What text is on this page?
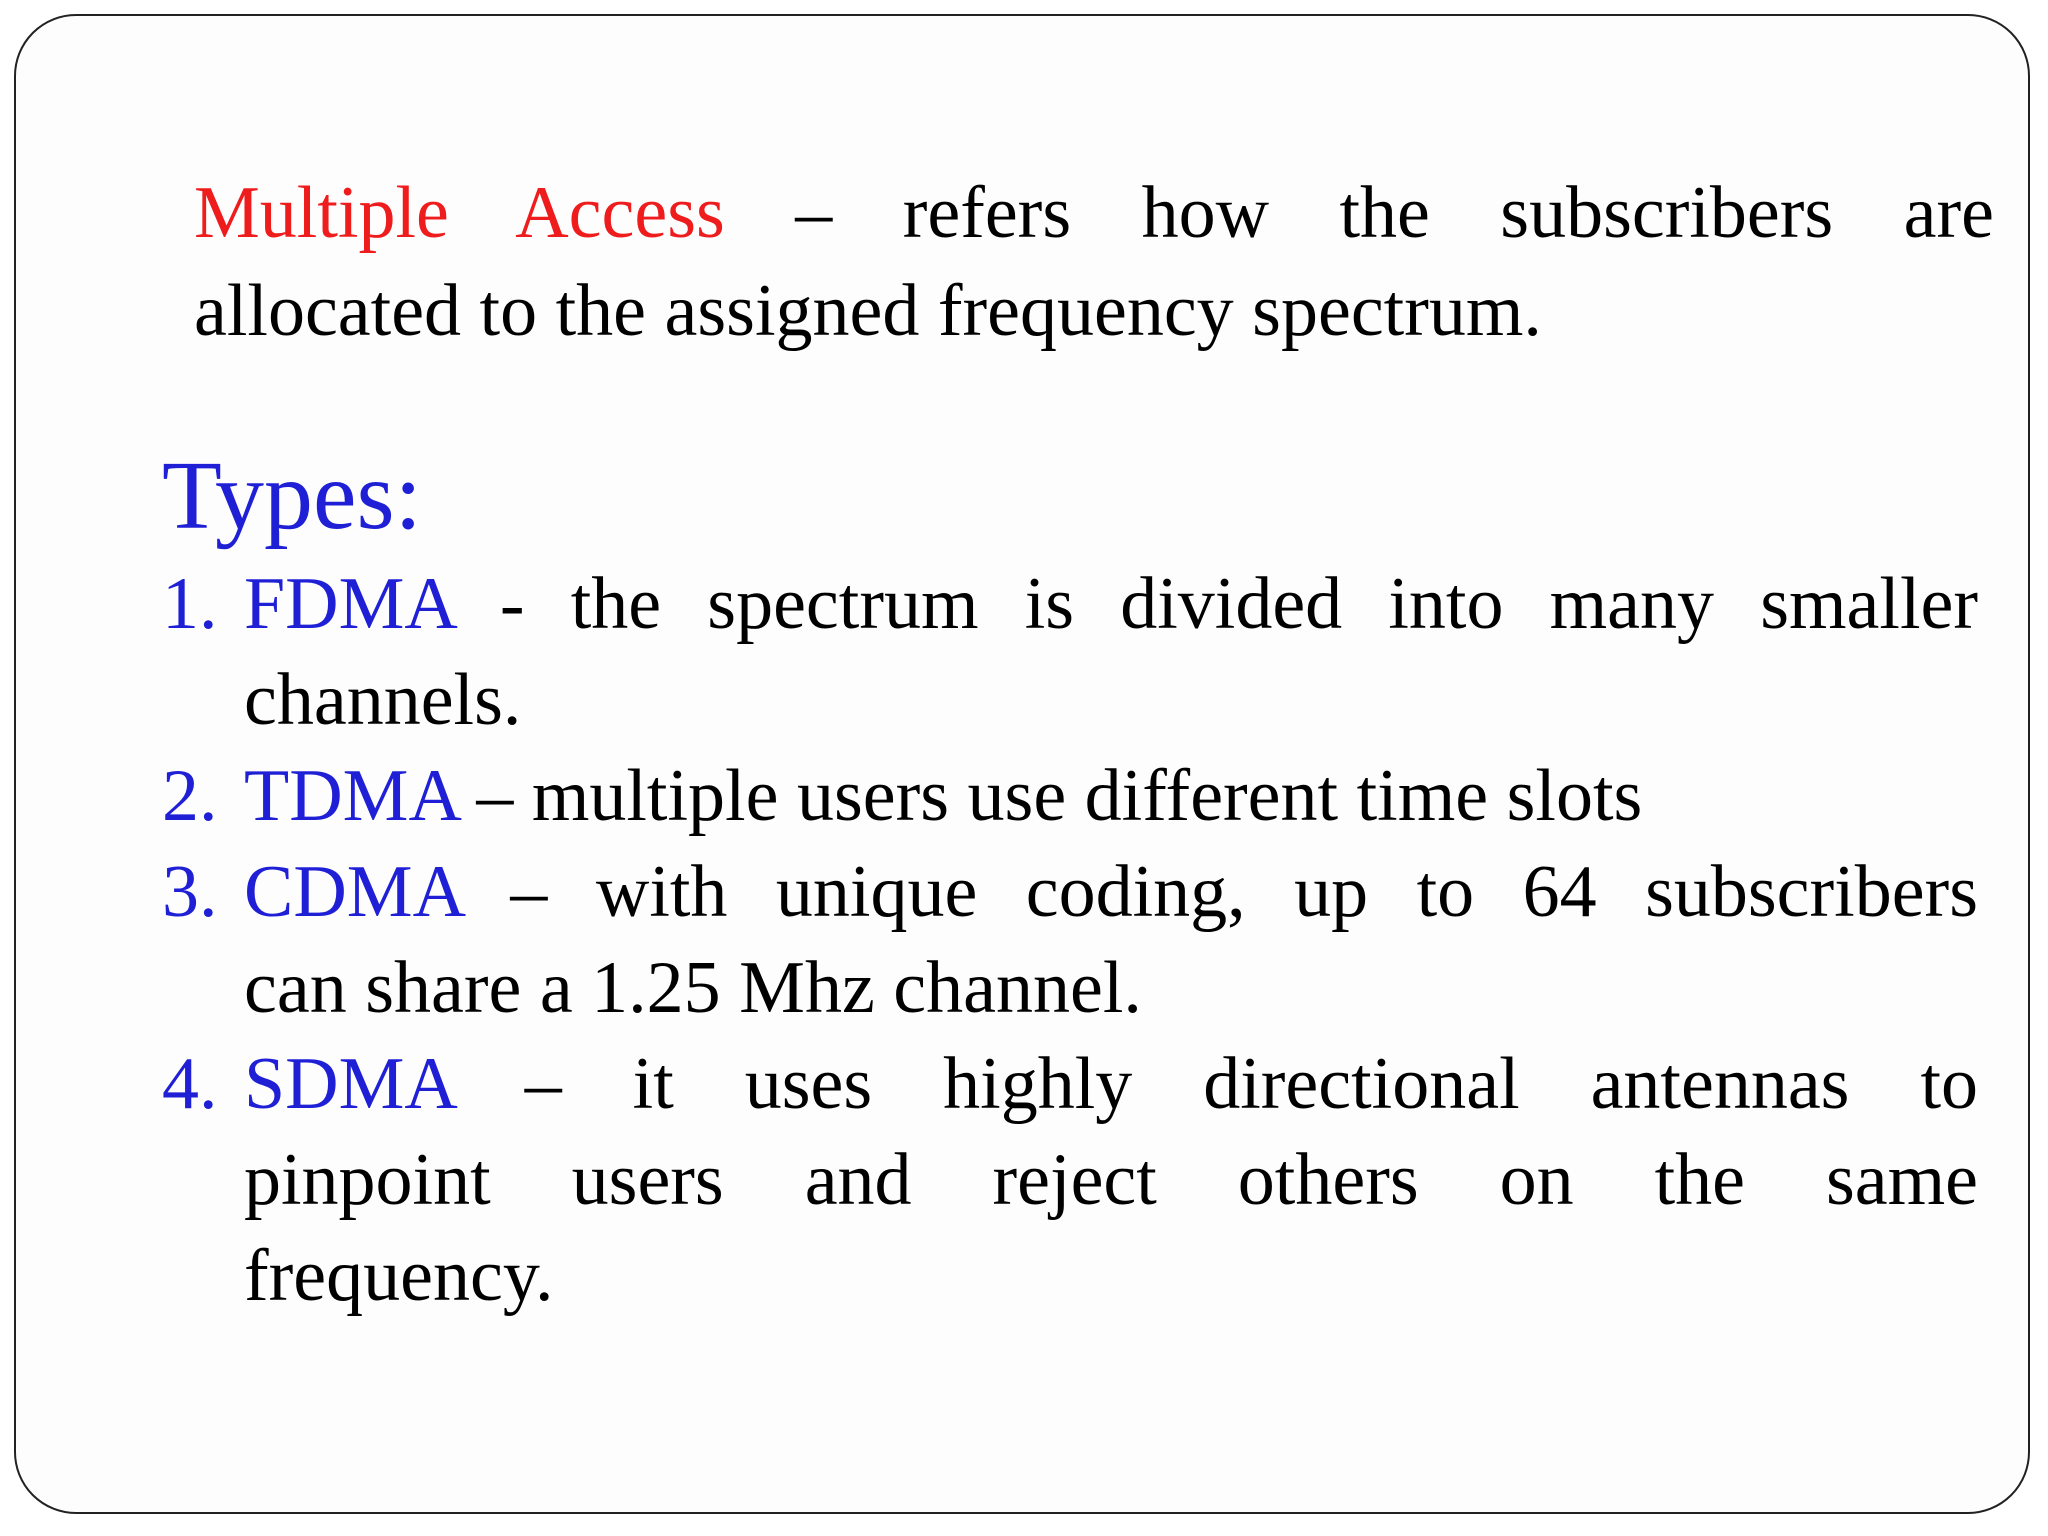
Multiple Access – refers how the subscribers are
allocated to the assigned frequency spectrum.
Types:
1. FDMA - the spectrum is divided into many smaller
channels.
2. TDMA – multiple users use different time slots
3. CDMA – with unique coding, up to 64 subscribers
can share a 1.25 Mhz channel.
4. SDMA – it uses highly directional antennas to
pinpoint users and reject others on the same
frequency.
